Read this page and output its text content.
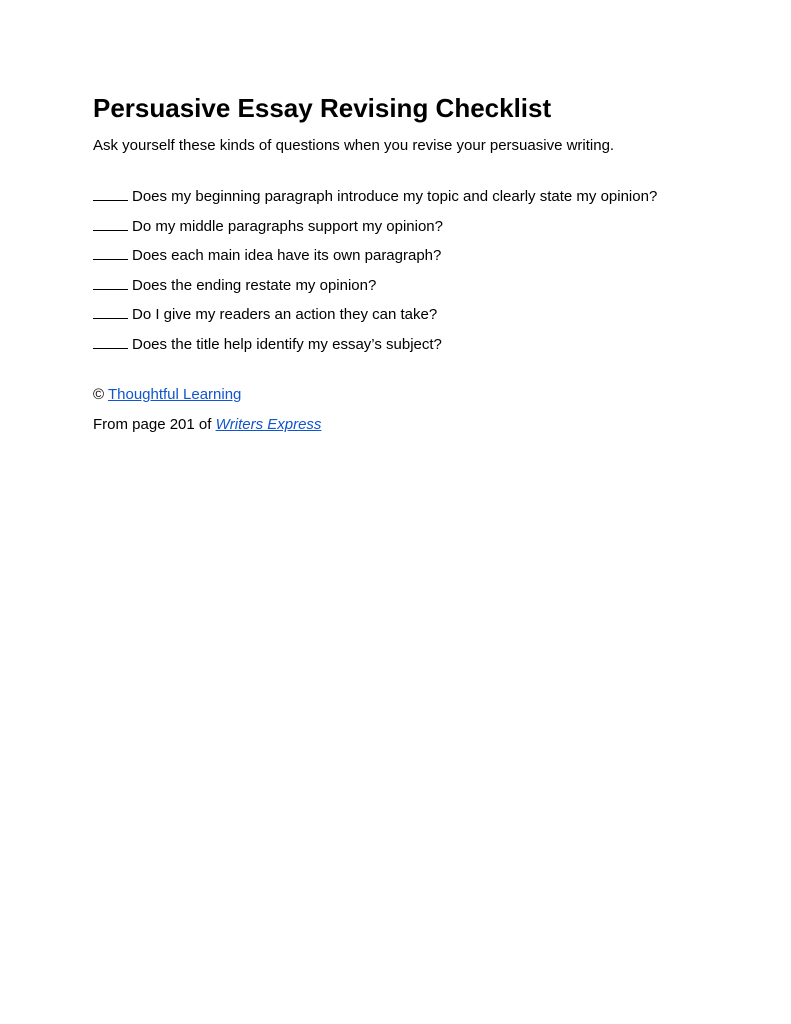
Persuasive Essay Revising Checklist

Ask yourself these kinds of questions when you revise your persuasive writing.

Does my beginning paragraph introduce my topic and clearly state my opinion?
Do my middle paragraphs support my opinion?
Does each main idea have its own paragraph?
Does the ending restate my opinion?
Do I give my readers an action they can take?
Does the title help identify my essay’s subject?

© Thoughtful Learning

From page 201 of Writers Express
